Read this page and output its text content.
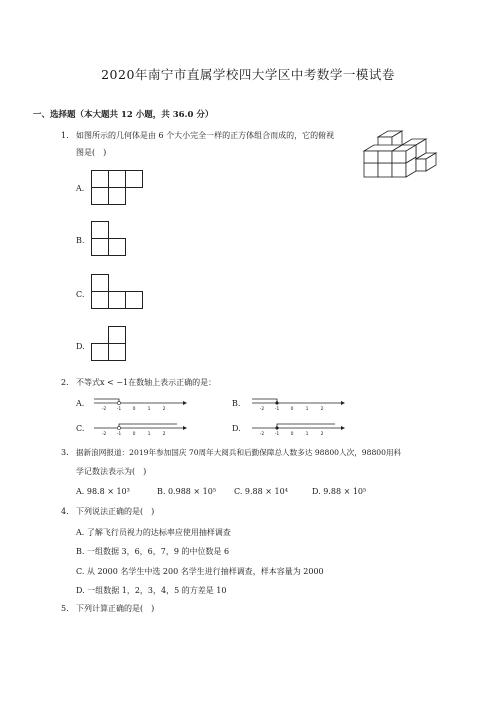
2020年南宁市直属学校四大学区中考数学一模试卷
一、选择题（本大题共 12 小题，共 36.0 分）
1. 如图所示的几何体是由 6 个大小完全一样的正方体组合而成的，它的俯视
图是(　)
A.
B.
C.
D.
2. 不等式x < −1在数轴上表示正确的是：
A.	B.
C.	D.
-2 -1	0	1	2	-2 -1	0	1	2
-2 -1	0	1	2	-2 -1	0	1	2
3. 据新浪网报道：2019年参加国庆 70周年大阅兵和后勤保障总人数多达 98800人次，98800用科
学记数法表示为(　)
A. 98.8 × 10³	B. 0.988 × 10⁵ C. 9.88 × 10⁴	D. 9.88 × 10⁵
4. 下列说法正确的是(　)
A. 了解飞行员视力的达标率应使用抽样调查
B. 一组数据 3，6，6，7，9 的中位数是 6
C. 从 2000 名学生中选 200 名学生进行抽样调查，样本容量为 2000
D. 一组数据 1，2，3，4，5 的方差是 10
5. 下列计算正确的是(　)
